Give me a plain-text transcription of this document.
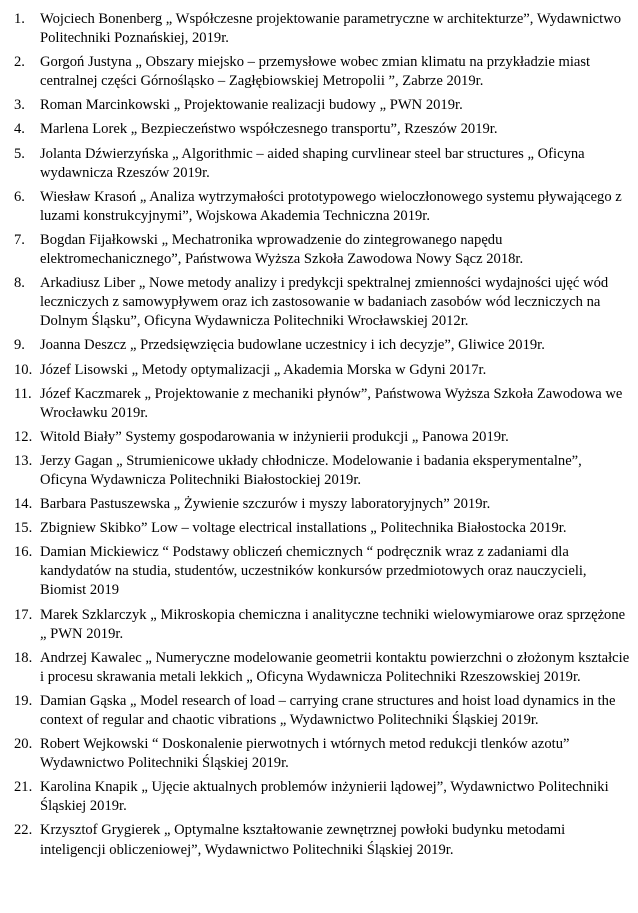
1.	Wojciech Bonenberg „ Współczesne projektowanie parametryczne w architekturze”, Wydawnictwo Politechniki Poznańskiej, 2019r.
2.	Gorgoń Justyna „ Obszary miejsko – przemysłowe wobec zmian klimatu na przykładzie miast centralnej części Górnośląsko – Zagłębiowskiej Metropolii ”, Zabrze 2019r.
3.	Roman Marcinkowski „ Projektowanie realizacji budowy „ PWN 2019r.
4.	Marlena Lorek „ Bezpieczeństwo współczesnego transportu”, Rzeszów 2019r.
5.	Jolanta Dźwierzyńska „ Algorithmic – aided shaping curvlinear steel bar structures „ Oficyna wydawnicza Rzeszów 2019r.
6.	Wiesław Krasoń „ Analiza wytrzymałości prototypowego wieloczłonowego systemu pływającego z luzami konstrukcyjnymi”, Wojskowa Akademia Techniczna 2019r.
7.	Bogdan Fijałkowski „ Mechatronika wprowadzenie do zintegrowanego napędu elektromechanicznego”, Państwowa Wyższa Szkoła Zawodowa Nowy Sącz 2018r.
8.	Arkadiusz Liber „ Nowe metody analizy i predykcji spektralnej zmienności wydajności ujęć wód leczniczych z samowypływem oraz ich zastosowanie w badaniach zasobów wód leczniczych na Dolnym Śląsku”, Oficyna Wydawnicza Politechniki Wrocławskiej 2012r.
9.	Joanna Deszcz „ Przedsięwzięcia budowlane uczestnicy i ich decyzje”, Gliwice 2019r.
10. Józef Lisowski „ Metody optymalizacji „ Akademia Morska w Gdyni 2017r.
11. Józef Kaczmarek „ Projektowanie z mechaniki płynów”, Państwowa Wyższa Szkoła Zawodowa we Wrocławku 2019r.
12. Witold Biały” Systemy gospodarowania w inżynierii produkcji „ Panowa 2019r.
13. Jerzy Gagan „ Strumienicowe układy chłodnicze. Modelowanie i badania eksperymentalne”, Oficyna Wydawnicza Politechniki Białostockiej 2019r.
14. Barbara Pastuszewska „ Żywienie szczurów i myszy laboratoryjnych” 2019r.
15. Zbigniew Skibko” Low – voltage electrical installations „ Politechnika Białostocka 2019r.
16. Damian Mickiewicz “ Podstawy obliczeń chemicznych “ podręcznik wraz z zadaniami dla kandydatów na studia, studentów, uczestników konkursów przedmiotowych oraz nauczycieli, Biomist 2019
17. Marek Szklarczyk „ Mikroskopia chemiczna i analityczne techniki wielowymiarowe oraz sprzężone „ PWN 2019r.
18. Andrzej Kawalec „ Numeryczne modelowanie geometrii kontaktu powierzchni o złożonym kształcie i procesu skrawania metali lekkich „ Oficyna Wydawnicza Politechniki Rzeszowskiej 2019r.
19. Damian Gąska „ Model research of load – carrying crane structures and hoist load dynamics in the context of regular and chaotic vibrations „ Wydawnictwo Politechniki Śląskiej 2019r.
20. Robert Wejkowski “ Doskonalenie pierwotnych i wtórnych metod redukcji tlenków azotu” Wydawnictwo Politechniki Śląskiej 2019r.
21. Karolina Knapik „ Ujęcie aktualnych problemów inżynierii lądowej”, Wydawnictwo Politechniki Śląskiej 2019r.
22. Krzysztof Grygierek „ Optymalne kształtowanie zewnętrznej powłoki budynku metodami inteligencji obliczeniowej”, Wydawnictwo Politechniki Śląskiej 2019r.
